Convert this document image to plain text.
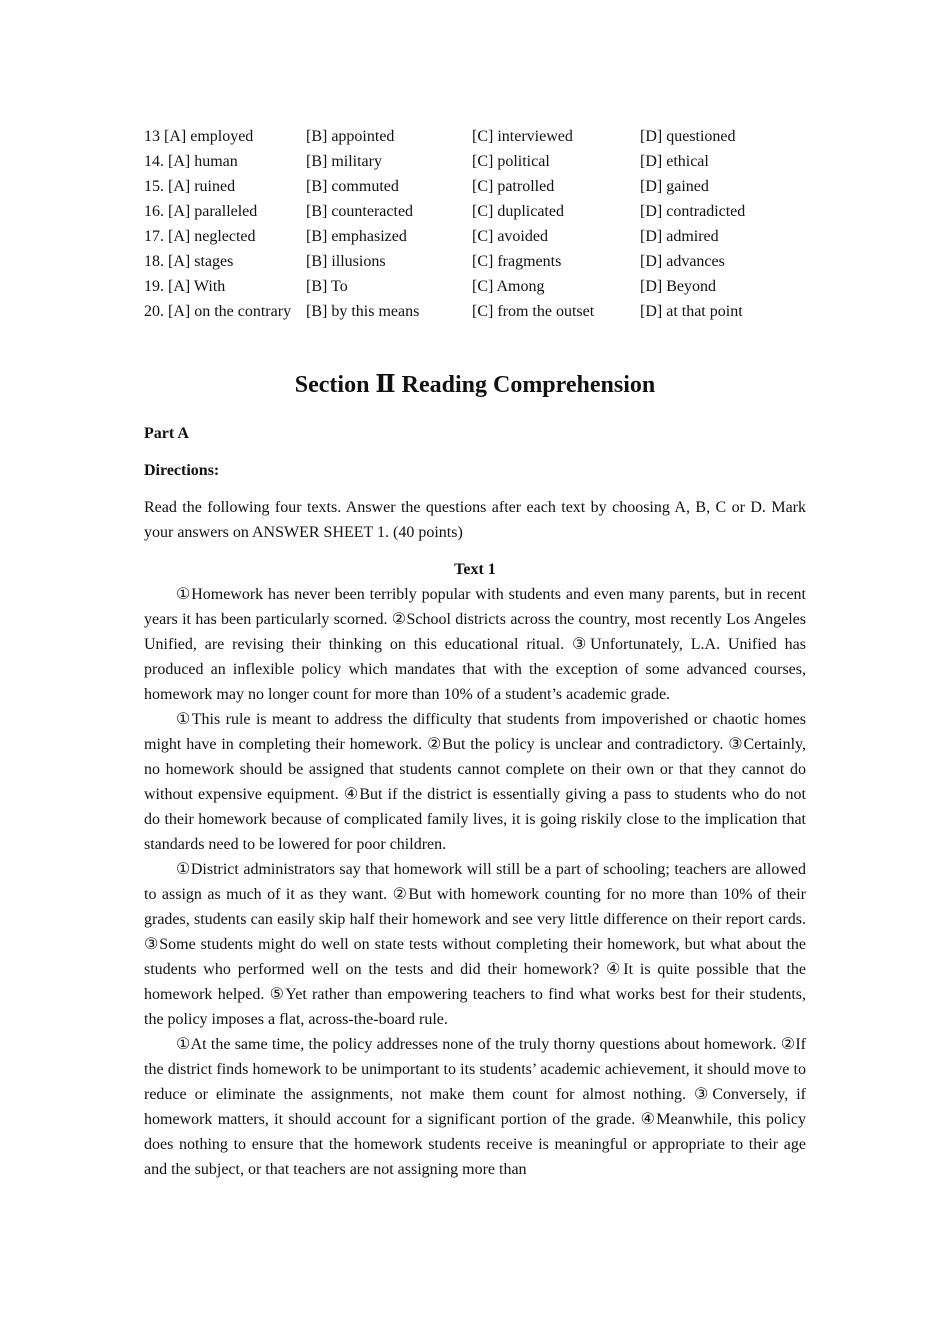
13 [A] employed	[B] appointed	[C] interviewed	[D] questioned
14. [A] human	[B] military	[C] political	[D] ethical
15. [A] ruined	[B] commuted	[C] patrolled	[D] gained
16. [A] paralleled	[B] counteracted	[C] duplicated	[D] contradicted
17. [A] neglected	[B] emphasized	[C] avoided	[D] admired
18. [A] stages	[B] illusions	[C] fragments	[D] advances
19. [A] With	[B] To	[C] Among	[D] Beyond
20. [A] on the contrary [B] by this means	[C] from the outset	[D] at that point
Section Ⅱ Reading Comprehension
Part A
Directions:
Read the following four texts. Answer the questions after each text by choosing A, B, C or D. Mark your answers on ANSWER SHEET 1. (40 points)
Text 1

①Homework has never been terribly popular with students and even many parents, but in recent years it has been particularly scorned. ②School districts across the country, most recently Los Angeles Unified, are revising their thinking on this educational ritual. ③Unfortunately, L.A. Unified has produced an inflexible policy which mandates that with the exception of some advanced courses, homework may no longer count for more than 10% of a student’s academic grade.

①This rule is meant to address the difficulty that students from impoverished or chaotic homes might have in completing their homework. ②But the policy is unclear and contradictory. ③Certainly, no homework should be assigned that students cannot complete on their own or that they cannot do without expensive equipment. ④But if the district is essentially giving a pass to students who do not do their homework because of complicated family lives, it is going riskily close to the implication that standards need to be lowered for poor children.

①District administrators say that homework will still be a part of schooling; teachers are allowed to assign as much of it as they want. ②But with homework counting for no more than 10% of their grades, students can easily skip half their homework and see very little difference on their report cards. ③Some students might do well on state tests without completing their homework, but what about the students who performed well on the tests and did their homework? ④It is quite possible that the homework helped. ⑤Yet rather than empowering teachers to find what works best for their students, the policy imposes a flat, across-the-board rule.

①At the same time, the policy addresses none of the truly thorny questions about homework. ②If the district finds homework to be unimportant to its students’ academic achievement, it should move to reduce or eliminate the assignments, not make them count for almost nothing. ③Conversely, if homework matters, it should account for a significant portion of the grade. ④Meanwhile, this policy does nothing to ensure that the homework students receive is meaningful or appropriate to their age and the subject, or that teachers are not assigning more than
